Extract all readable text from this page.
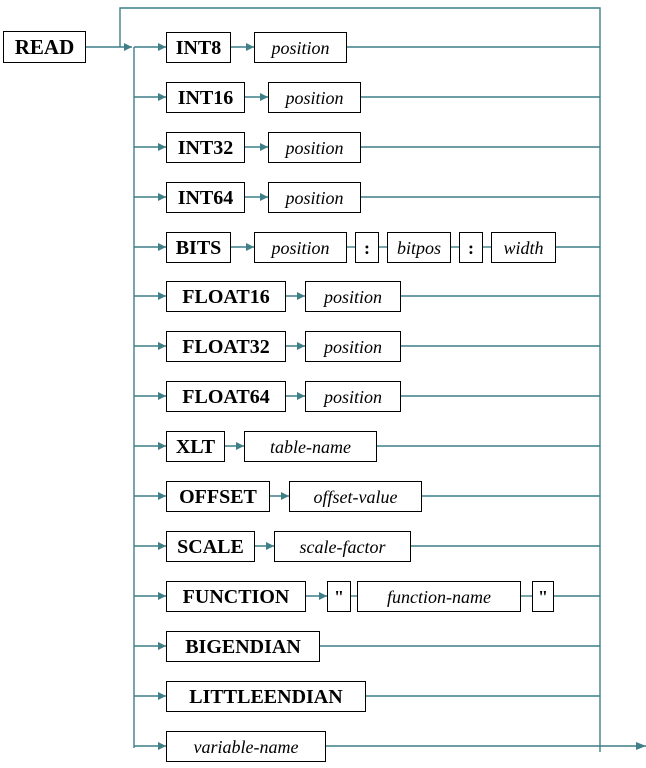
READ	INT8	position
INT16	position
INT32	position
INT64	position
BITS	position	:	bitpos	:	width
FLOAT16	position
FLOAT32	position
FLOAT64	position
XLT	table-name
OFFSET	offset-value
SCALE	scale-factor
FUNCTION	"	function-name	"
BIGENDIAN
LITTLEENDIAN
variable-name
